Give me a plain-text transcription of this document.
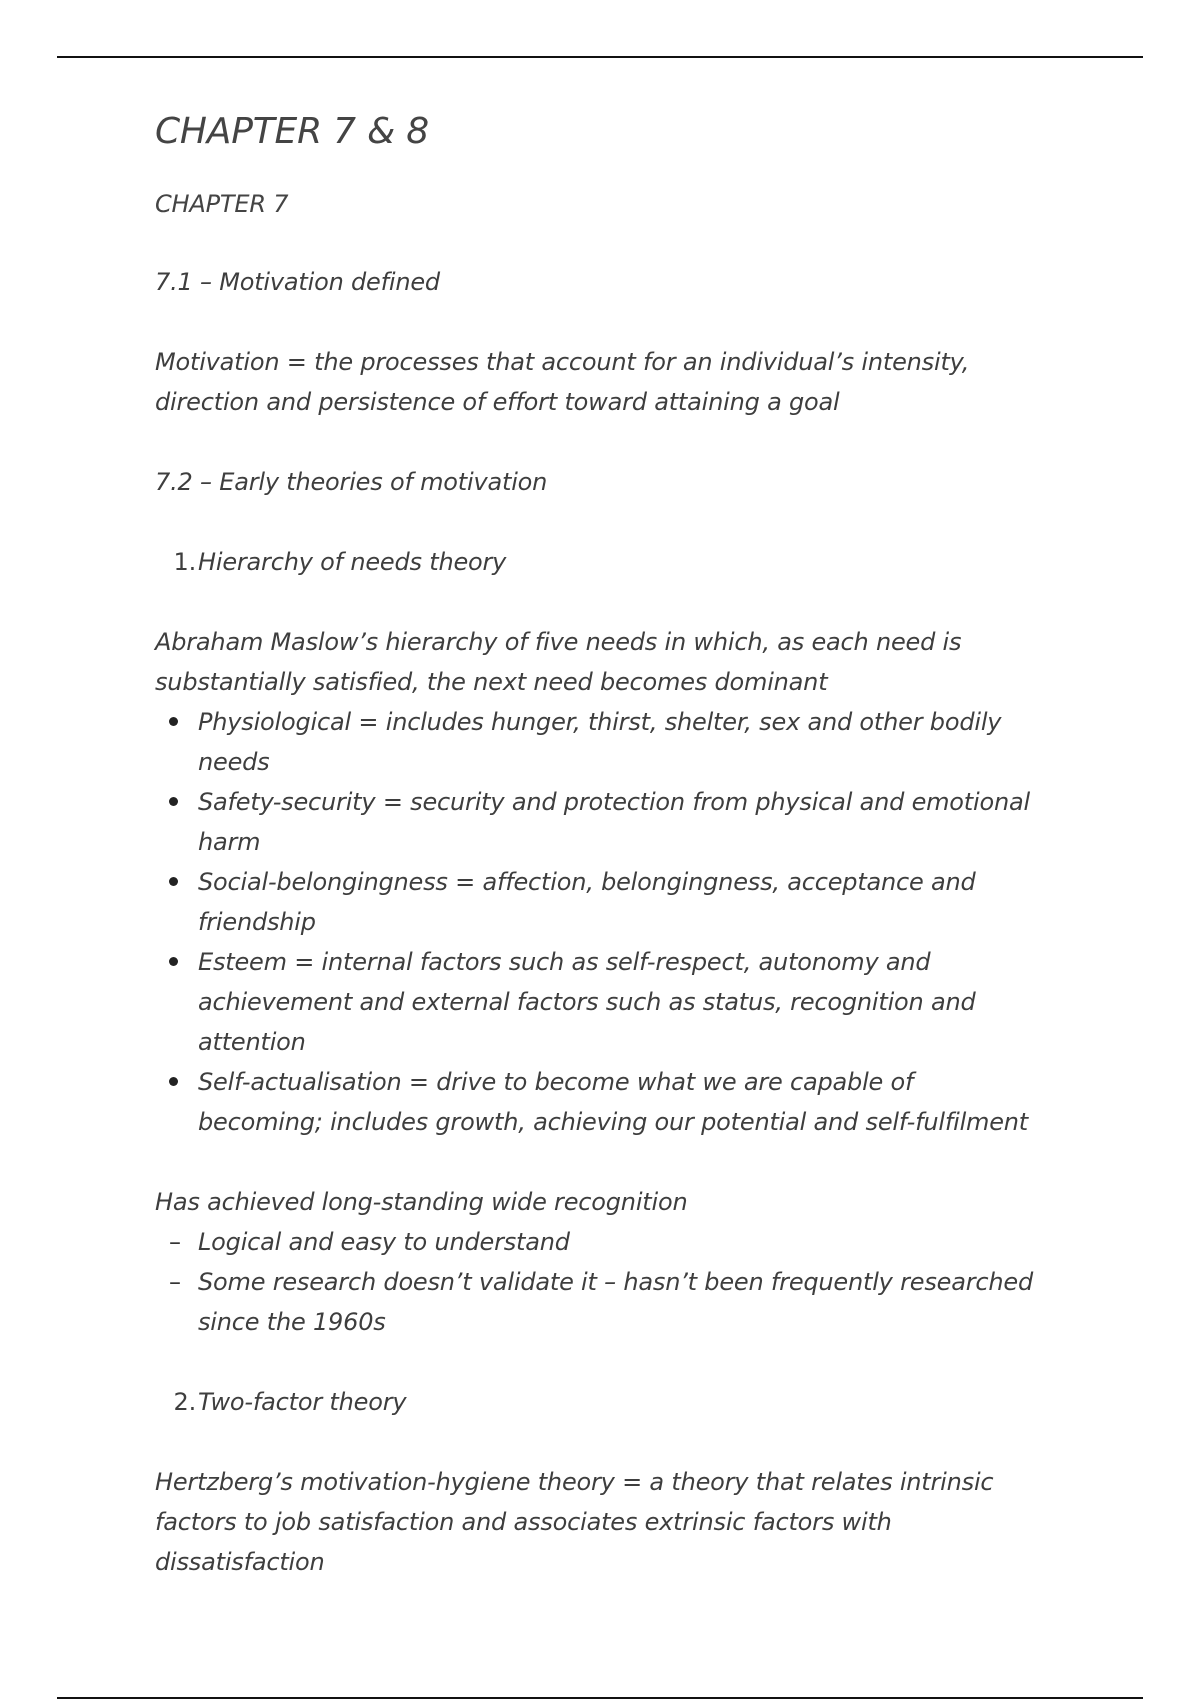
CHAPTER 7 & 8
CHAPTER 7
7.1 – Motivation defined
Motivation = the processes that account for an individual’s intensity, direction and persistence of effort toward attaining a goal
7.2 – Early theories of motivation
1.Hierarchy of needs theory
Abraham Maslow’s hierarchy of five needs in which, as each need is substantially satisfied, the next need becomes dominant
Physiological = includes hunger, thirst, shelter, sex and other bodily needs
Safety-security = security and protection from physical and emotional harm
Social-belongingness = affection, belongingness, acceptance and friendship
Esteem = internal factors such as self-respect, autonomy and achievement and external factors such as status, recognition and attention
Self-actualisation = drive to become what we are capable of becoming; includes growth, achieving our potential and self-fulfilment
Has achieved long-standing wide recognition
– Logical and easy to understand
– Some research doesn’t validate it – hasn’t been frequently researched since the 1960s
2.Two-factor theory
Hertzberg’s motivation-hygiene theory = a theory that relates intrinsic factors to job satisfaction and associates extrinsic factors with dissatisfaction
